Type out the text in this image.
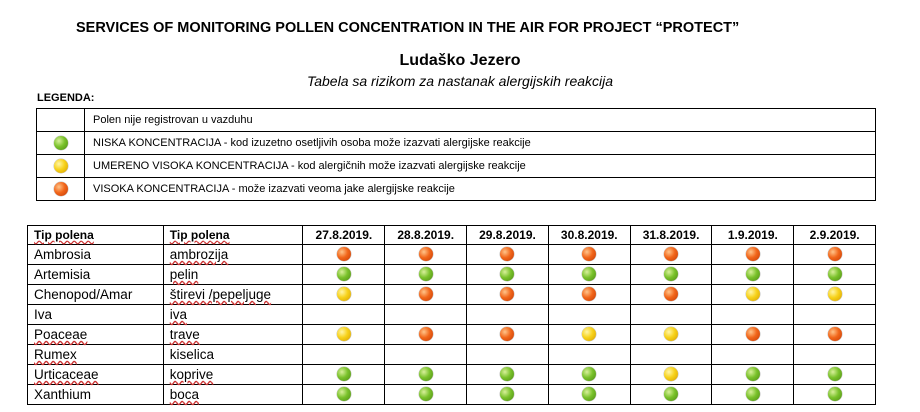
SERVICES OF MONITORING POLLEN CONCENTRATION IN THE AIR FOR PROJECT “PROTECT”
Ludaško Jezero
Tabela sa rizikom za nastanak alergijskih reakcija
LEGENDA:
	Polen nije registrovan u vazduhu
	NISKA KONCENTRACIJA - kod izuzetno osetljivih osoba može izazvati alergijske reakcije
	UMERENO VISOKA KONCENTRACIJA - kod alergičnih može izazvati alergijske reakcije
	VISOKA KONCENTRACIJA - može izazvati veoma jake alergijske reakcije
Tip polena	Tip polena	27.8.2019.	28.8.2019.	29.8.2019.	30.8.2019.	31.8.2019.	1.9.2019.	2.9.2019.
Ambrosia	ambrozija							
Artemisia	pelin							
Chenopod/Amar	štirevi /pepeljuge							
Iva	iva							
Poaceae	trave							
Rumex	kiselica							
Urticaceae	koprive							
Xanthium	boca							
